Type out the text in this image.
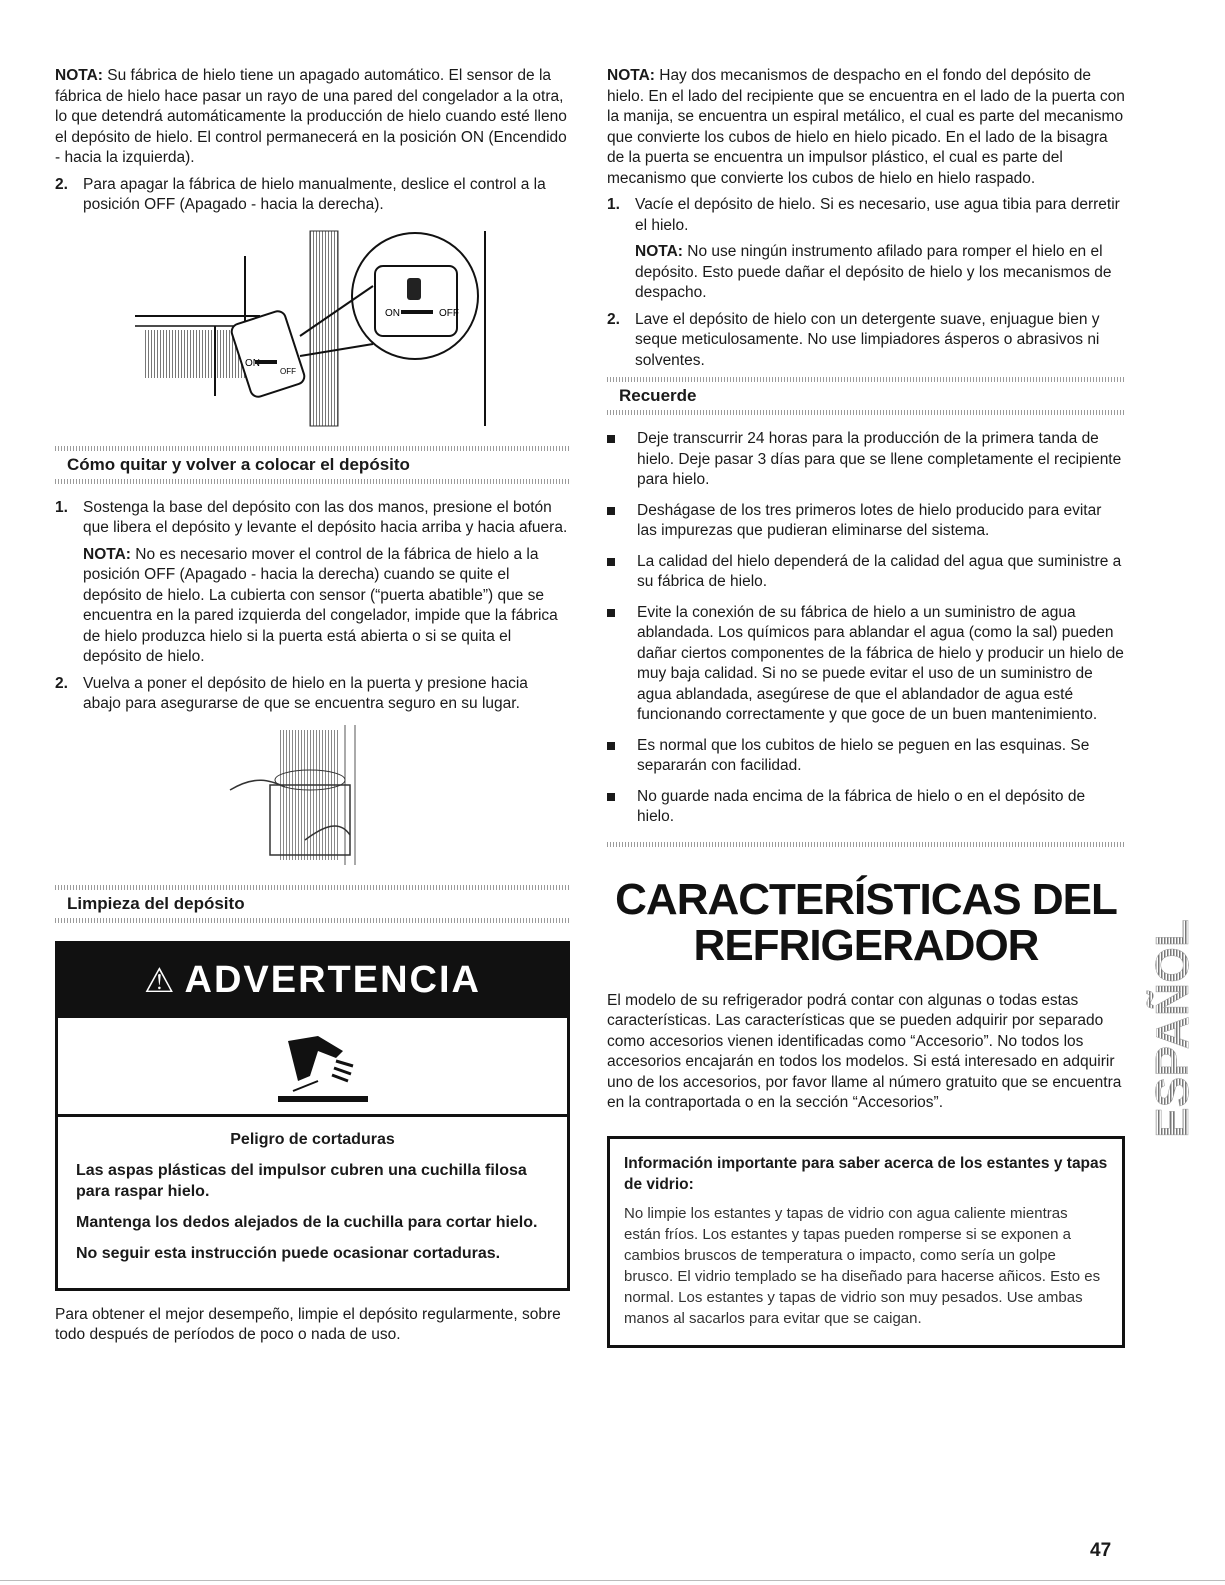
NOTA: Su fábrica de hielo tiene un apagado automático. El sensor de la fábrica de hielo hace pasar un rayo de una pared del congelador a la otra, lo que detendrá automáticamente la producción de hielo cuando esté lleno el depósito de hielo. El control permanecerá en la posición ON (Encendido - hacia la izquierda).

2. Para apagar la fábrica de hielo manualmente, deslice el control a la posición OFF (Apagado - hacia la derecha).

ON
OFF
ON	OFF
Cómo quitar y volver a colocar el depósito
1. Sostenga la base del depósito con las dos manos, presione el botón que libera el depósito y levante el depósito hacia arriba y hacia afuera.

NOTA: No es necesario mover el control de la fábrica de hielo a la posición OFF (Apagado - hacia la derecha) cuando se quite el depósito de hielo. La cubierta con sensor (“puerta abatible”) que se encuentra en la pared izquierda del congelador, impide que la fábrica de hielo produzca hielo si la puerta está abierta o si se quita el depósito de hielo.

2. Vuelva a poner el depósito de hielo en la puerta y presione hacia abajo para asegurarse de que se encuentra seguro en su lugar.

Limpieza del depósito
⚠ ADVERTENCIA

Peligro de cortaduras

Las aspas plásticas del impulsor cubren una cuchilla filosa para raspar hielo.

Mantenga los dedos alejados de la cuchilla para cortar hielo.

No seguir esta instrucción puede ocasionar cortaduras.

Para obtener el mejor desempeño, limpie el depósito regularmente, sobre todo después de períodos de poco o nada de uso.

NOTA: Hay dos mecanismos de despacho en el fondo del depósito de hielo. En el lado del recipiente que se encuentra en el lado de la puerta con la manija, se encuentra un espiral metálico, el cual es parte del mecanismo que convierte los cubos de hielo en hielo picado. En el lado de la bisagra de la puerta se encuentra un impulsor plástico, el cual es parte del mecanismo que convierte los cubos de hielo en hielo raspado.

1. Vacíe el depósito de hielo. Si es necesario, use agua tibia para derretir el hielo.

NOTA: No use ningún instrumento afilado para romper el hielo en el depósito. Esto puede dañar el depósito de hielo y los mecanismos de despacho.

2. Lave el depósito de hielo con un detergente suave, enjuague bien y seque meticulosamente. No use limpiadores ásperos o abrasivos ni solventes.

Recuerde

Deje transcurrir 24 horas para la producción de la primera tanda de hielo. Deje pasar 3 días para que se llene completamente el recipiente para hielo.

Deshágase de los tres primeros lotes de hielo producido para evitar las impurezas que pudieran eliminarse del sistema.

La calidad del hielo dependerá de la calidad del agua que suministre a su fábrica de hielo.

Evite la conexión de su fábrica de hielo a un suministro de agua ablandada. Los químicos para ablandar el agua (como la sal) pueden dañar ciertos componentes de la fábrica de hielo y producir un hielo de muy baja calidad. Si no se puede evitar el uso de un suministro de agua ablandada, asegúrese de que el ablandador de agua esté funcionando correctamente y que goce de un buen mantenimiento.

Es normal que los cubitos de hielo se peguen en las esquinas. Se separarán con facilidad.

No guarde nada encima de la fábrica de hielo o en el depósito de hielo.

CARACTERÍSTICAS DEL
REFRIGERADOR

El modelo de su refrigerador podrá contar con algunas o todas estas características. Las características que se pueden adquirir por separado como accesorios vienen identificadas como “Accesorio”. No todos los accesorios encajarán en todos los modelos. Si está interesado en adquirir uno de los accesorios, por favor llame al número gratuito que se encuentra en la contraportada o en la sección “Accesorios”.

Información importante para saber acerca de los estantes y tapas de vidrio:
No limpie los estantes y tapas de vidrio con agua caliente mientras están fríos. Los estantes y tapas pueden romperse si se exponen a cambios bruscos de temperatura o impacto, como sería un golpe brusco. El vidrio templado se ha diseñado para hacerse añicos. Esto es normal. Los estantes y tapas de vidrio son muy pesados. Use ambas manos al sacarlos para evitar que se caigan.
ESPAÑOL
47
